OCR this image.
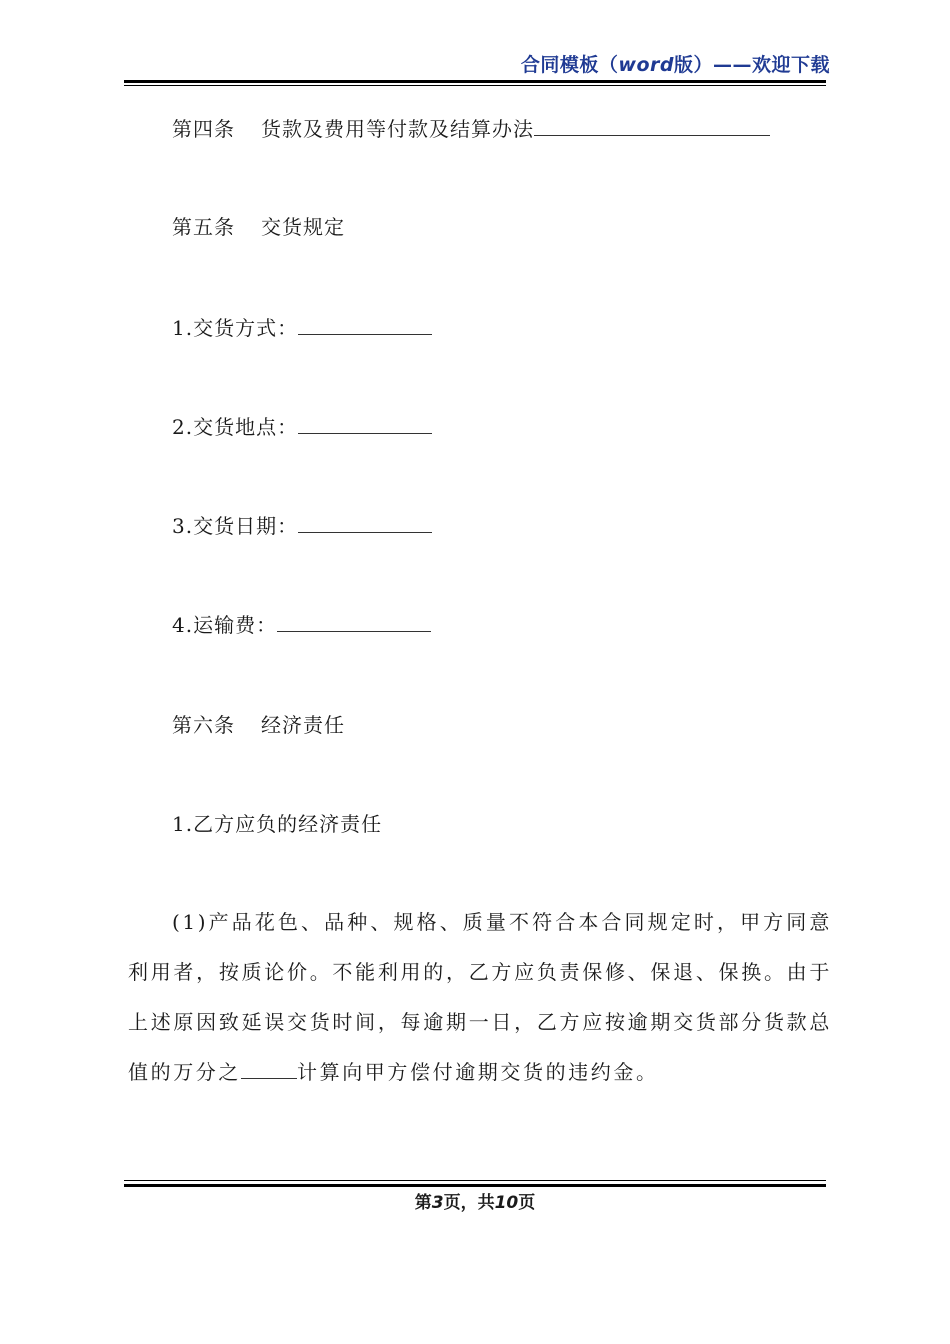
合同模板（word版）——欢迎下载
第四条 货款及费用等付款及结算办法
第五条 交货规定
1.交货方式：
2.交货地点：
3.交货日期：
4.运输费：
第六条 经济责任
1.乙方应负的经济责任
(1)产品花色、品种、规格、质量不符合本合同规定时，甲方同意利用者，按质论价。不能利用的，乙方应负责保修、保退、保换。由于上述原因致延误交货时间，每逾期一日，乙方应按逾期交货部分货款总值的万分之	计算向甲方偿付逾期交货的违约金。
第3页，共10页
